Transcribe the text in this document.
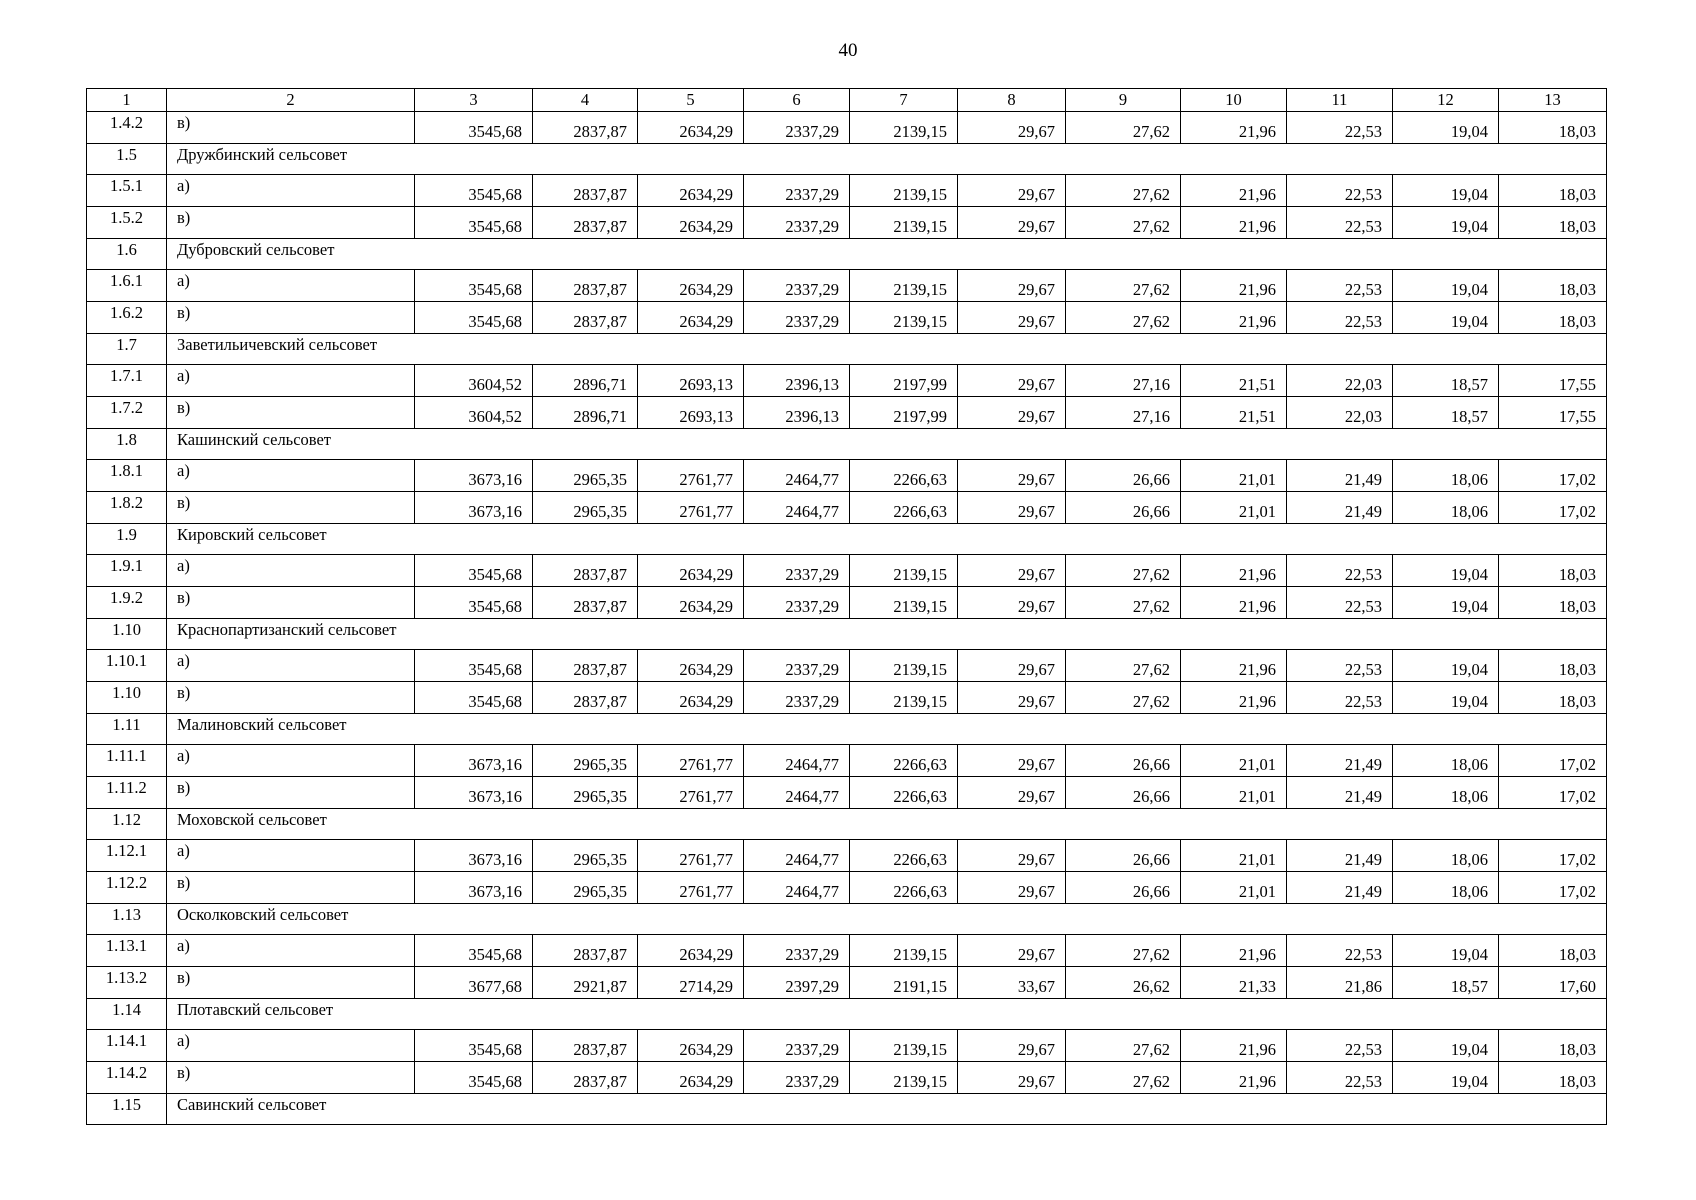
40
1	2	3	4	5	6	7	8	9	10	11	12	13
1.4.2	в)	3545,68	2837,87	2634,29	2337,29	2139,15	29,67	27,62	21,96	22,53	19,04	18,03
1.5	Дружбинский сельсовет											
1.5.1	а)	3545,68	2837,87	2634,29	2337,29	2139,15	29,67	27,62	21,96	22,53	19,04	18,03
1.5.2	в)	3545,68	2837,87	2634,29	2337,29	2139,15	29,67	27,62	21,96	22,53	19,04	18,03
1.6	Дубровский сельсовет											
1.6.1	а)	3545,68	2837,87	2634,29	2337,29	2139,15	29,67	27,62	21,96	22,53	19,04	18,03
1.6.2	в)	3545,68	2837,87	2634,29	2337,29	2139,15	29,67	27,62	21,96	22,53	19,04	18,03
1.7	Заветильичевский сельсовет											
1.7.1	а)	3604,52	2896,71	2693,13	2396,13	2197,99	29,67	27,16	21,51	22,03	18,57	17,55
1.7.2	в)	3604,52	2896,71	2693,13	2396,13	2197,99	29,67	27,16	21,51	22,03	18,57	17,55
1.8	Кашинский сельсовет											
1.8.1	а)	3673,16	2965,35	2761,77	2464,77	2266,63	29,67	26,66	21,01	21,49	18,06	17,02
1.8.2	в)	3673,16	2965,35	2761,77	2464,77	2266,63	29,67	26,66	21,01	21,49	18,06	17,02
1.9	Кировский сельсовет											
1.9.1	а)	3545,68	2837,87	2634,29	2337,29	2139,15	29,67	27,62	21,96	22,53	19,04	18,03
1.9.2	в)	3545,68	2837,87	2634,29	2337,29	2139,15	29,67	27,62	21,96	22,53	19,04	18,03
1.10	Краснопартизанский сельсовет											
1.10.1	а)	3545,68	2837,87	2634,29	2337,29	2139,15	29,67	27,62	21,96	22,53	19,04	18,03
1.10	в)	3545,68	2837,87	2634,29	2337,29	2139,15	29,67	27,62	21,96	22,53	19,04	18,03
1.11	Малиновский сельсовет											
1.11.1	а)	3673,16	2965,35	2761,77	2464,77	2266,63	29,67	26,66	21,01	21,49	18,06	17,02
1.11.2	в)	3673,16	2965,35	2761,77	2464,77	2266,63	29,67	26,66	21,01	21,49	18,06	17,02
1.12	Моховской сельсовет											
1.12.1	а)	3673,16	2965,35	2761,77	2464,77	2266,63	29,67	26,66	21,01	21,49	18,06	17,02
1.12.2	в)	3673,16	2965,35	2761,77	2464,77	2266,63	29,67	26,66	21,01	21,49	18,06	17,02
1.13	Осколковский сельсовет											
1.13.1	а)	3545,68	2837,87	2634,29	2337,29	2139,15	29,67	27,62	21,96	22,53	19,04	18,03
1.13.2	в)	3677,68	2921,87	2714,29	2397,29	2191,15	33,67	26,62	21,33	21,86	18,57	17,60
1.14	Плотавский сельсовет											
1.14.1	а)	3545,68	2837,87	2634,29	2337,29	2139,15	29,67	27,62	21,96	22,53	19,04	18,03
1.14.2	в)	3545,68	2837,87	2634,29	2337,29	2139,15	29,67	27,62	21,96	22,53	19,04	18,03
1.15	Савинский сельсовет											
